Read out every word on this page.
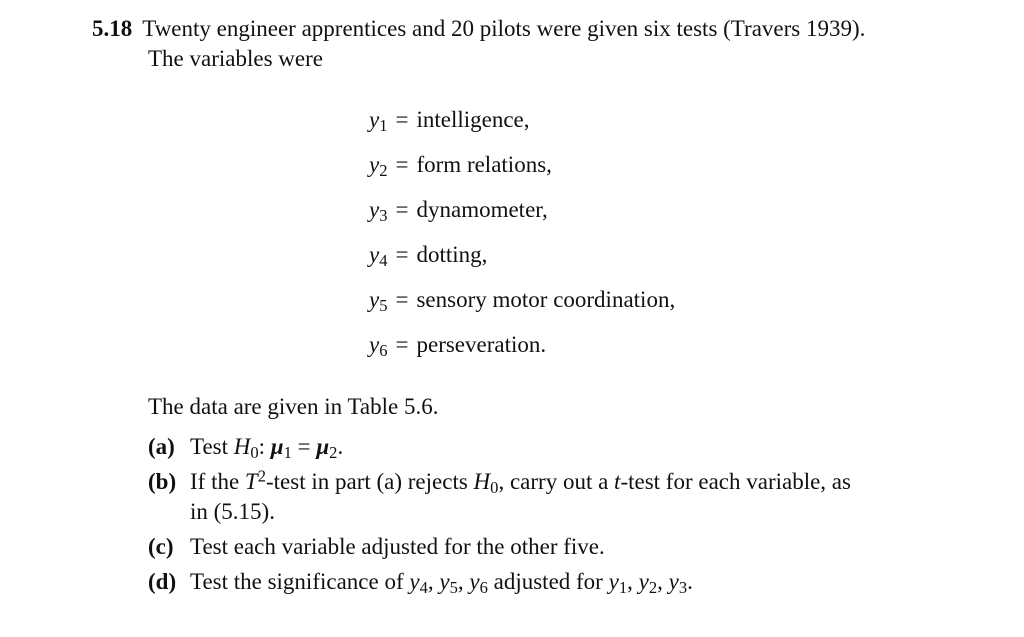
5.18 Twenty engineer apprentices and 20 pilots were given six tests (Travers 1939).
The variables were
$y_1$ = intelligence,
$y_2$ = form relations,
$y_3$ = dynamometer,
$y_4$ = dotting,
$y_5$ = sensory motor coordination,
$y_6$ = perseveration.
The data are given in Table 5.6.
(a) Test $H_0$: $\mu_1 = \mu_2$.
(b) If the $T^2$-test in part (a) rejects $H_0$, carry out a t-test for each variable, as
in (5.15).
(c) Test each variable adjusted for the other five.
(d) Test the significance of $y_4$, $y_5$, $y_6$ adjusted for $y_1$, $y_2$, $y_3$.
